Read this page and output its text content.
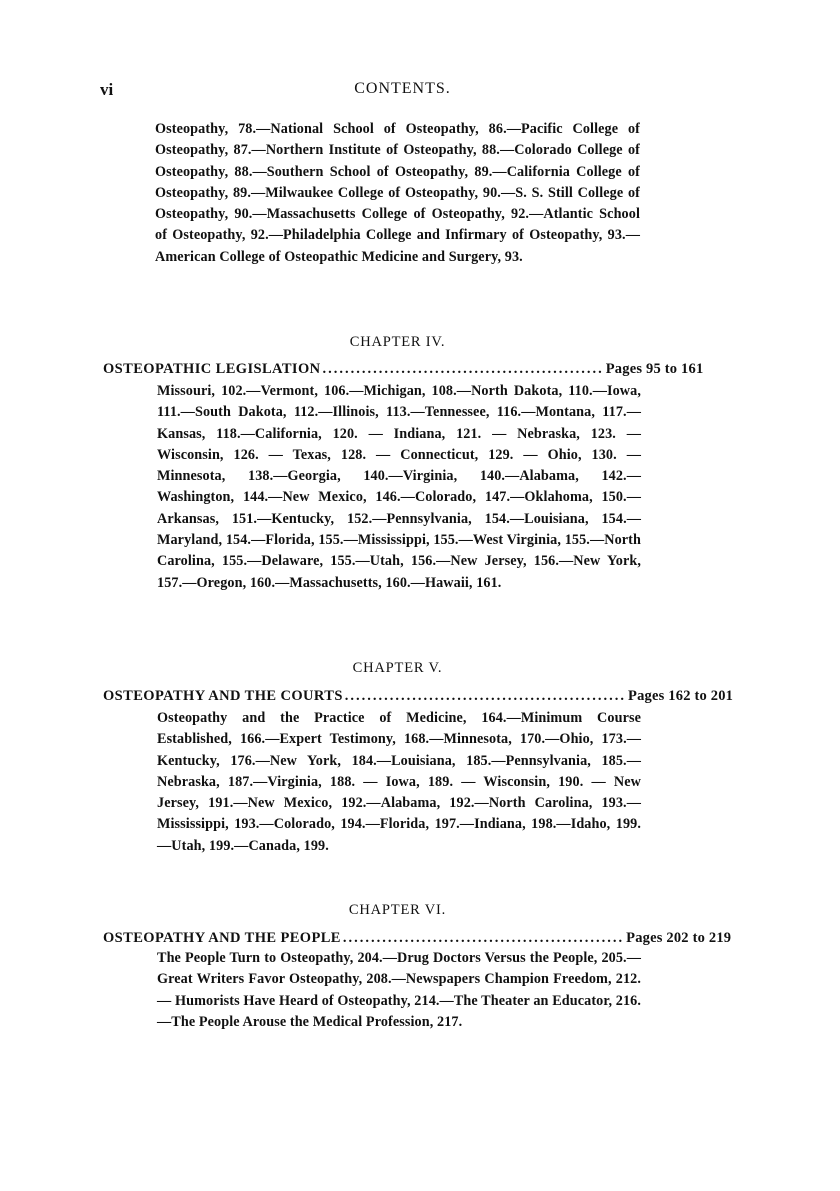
vi	CONTENTS.
Osteopathy, 78.—National School of Osteopathy, 86.—Pacific College of Osteopathy, 87.—Northern Institute of Osteopathy, 88.—Colorado College of Osteopathy, 88.—Southern School of Osteopathy, 89.—California College of Osteopathy, 89.—Milwaukee College of Osteopathy, 90.—S. S. Still College of Osteopathy, 90.—Massachusetts College of Osteopathy, 92.—Atlantic School of Osteopathy, 92.—Philadelphia College and Infirmary of Osteopathy, 93.—American College of Osteopathic Medicine and Surgery, 93.
CHAPTER IV.
OSTEOPATHIC LEGISLATION .................................................. Pages 95 to 161
Missouri, 102.—Vermont, 106.—Michigan, 108.—North Dakota, 110.—Iowa, 111.—South Dakota, 112.—Illinois, 113.—Tennessee, 116.—Montana, 117.—Kansas, 118.—California, 120. — Indiana, 121. — Nebraska, 123. — Wisconsin, 126. — Texas, 128. — Connecticut, 129. — Ohio, 130. — Minnesota, 138.—Georgia, 140.—Virginia, 140.—Alabama, 142.—Washington, 144.—New Mexico, 146.—Colorado, 147.—Oklahoma, 150.—Arkansas, 151.—Kentucky, 152.—Pennsylvania, 154.—Louisiana, 154.—Maryland, 154.—Florida, 155.—Mississippi, 155.—West Virginia, 155.—North Carolina, 155.—Delaware, 155.—Utah, 156.—New Jersey, 156.—New York, 157.—Oregon, 160.—Massachusetts, 160.—Hawaii, 161.
CHAPTER V.
OSTEOPATHY AND THE COURTS .................................................. Pages 162 to 201
Osteopathy and the Practice of Medicine, 164.—Minimum Course Established, 166.—Expert Testimony, 168.—Minnesota, 170.—Ohio, 173.—Kentucky, 176.—New York, 184.—Louisiana, 185.—Pennsylvania, 185.—Nebraska, 187.—Virginia, 188. — Iowa, 189. — Wisconsin, 190. — New Jersey, 191.—New Mexico, 192.—Alabama, 192.—North Carolina, 193.—Mississippi, 193.—Colorado, 194.—Florida, 197.—Indiana, 198.—Idaho, 199.—Utah, 199.—Canada, 199.
CHAPTER VI.
OSTEOPATHY AND THE PEOPLE .................................................. Pages 202 to 219
The People Turn to Osteopathy, 204.—Drug Doctors Versus the People, 205.—Great Writers Favor Osteopathy, 208.—Newspapers Champion Freedom, 212. — Humorists Have Heard of Osteopathy, 214.—The Theater an Educator, 216.—The People Arouse the Medical Profession, 217.
